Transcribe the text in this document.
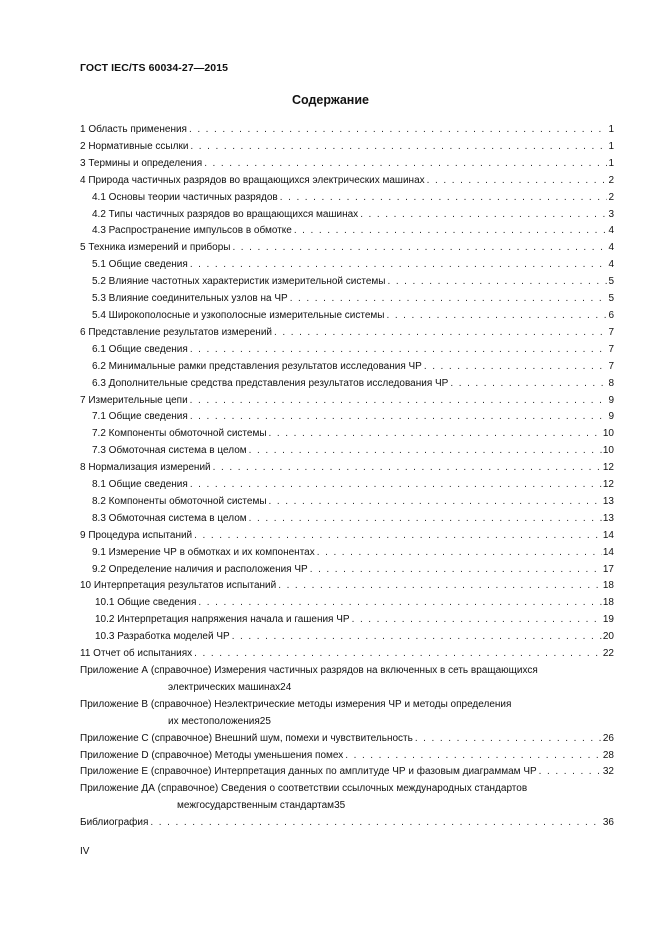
ГОСТ IEC/TS 60034-27—2015
Содержание
1 Область применения . . .	1
2 Нормативные ссылки . . .	1
3 Термины и определения . . .	1
4 Природа частичных разрядов во вращающихся электрических машинах . . .	2
4.1 Основы теории частичных разрядов . . .	2
4.2 Типы частичных разрядов во вращающихся машинах . . .	3
4.3 Распространение импульсов в обмотке . . .	4
5 Техника измерений и приборы . . .	4
5.1 Общие сведения . . .	4
5.2 Влияние частотных характеристик измерительной системы . . .	5
5.3 Влияние соединительных узлов на ЧР . . .	5
5.4 Широкополосные и узкополосные измерительные системы . . .	6
6 Представление результатов измерений . . .	7
6.1 Общие сведения . . .	7
6.2 Минимальные рамки представления результатов исследования ЧР . . .	7
6.3 Дополнительные средства представления результатов исследования ЧР . . .	8
7 Измерительные цепи . . .	9
7.1 Общие сведения . . .	9
7.2 Компоненты обмоточной системы . . .	10
7.3 Обмоточная система в целом . . .	10
8 Нормализация измерений . . .	12
8.1 Общие сведения . . .	12
8.2 Компоненты обмоточной системы . . .	13
8.3 Обмоточная система в целом . . .	13
9 Процедура испытаний . . .	14
9.1 Измерение ЧР в обмотках и их компонентах . . .	14
9.2 Определение наличия и расположения ЧР . . .	17
10 Интерпретация результатов испытаний . . .	18
10.1 Общие сведения . . .	18
10.2 Интерпретация напряжения начала и гашения ЧР . . .	19
10.3 Разработка моделей ЧР . . .	20
11 Отчет об испытаниях . . .	22
Приложение А (справочное) Измерения частичных разрядов на включенных в сеть вращающихся
электрических машинах 24
Приложение В (справочное) Неэлектрические методы измерения ЧР и методы определения
их местоположения 25
Приложение С (справочное) Внешний шум, помехи и чувствительность . . .	26
Приложение D (справочное) Методы уменьшения помех . . .	28
Приложение Е (справочное) Интерпретация данных по амплитуде ЧР и фазовым диаграммам ЧР . . .	32
Приложение ДА (справочное) Сведения о соответствии ссылочных международных стандартов
межгосударственным стандартам 35
Библиография . . .	36
IV
